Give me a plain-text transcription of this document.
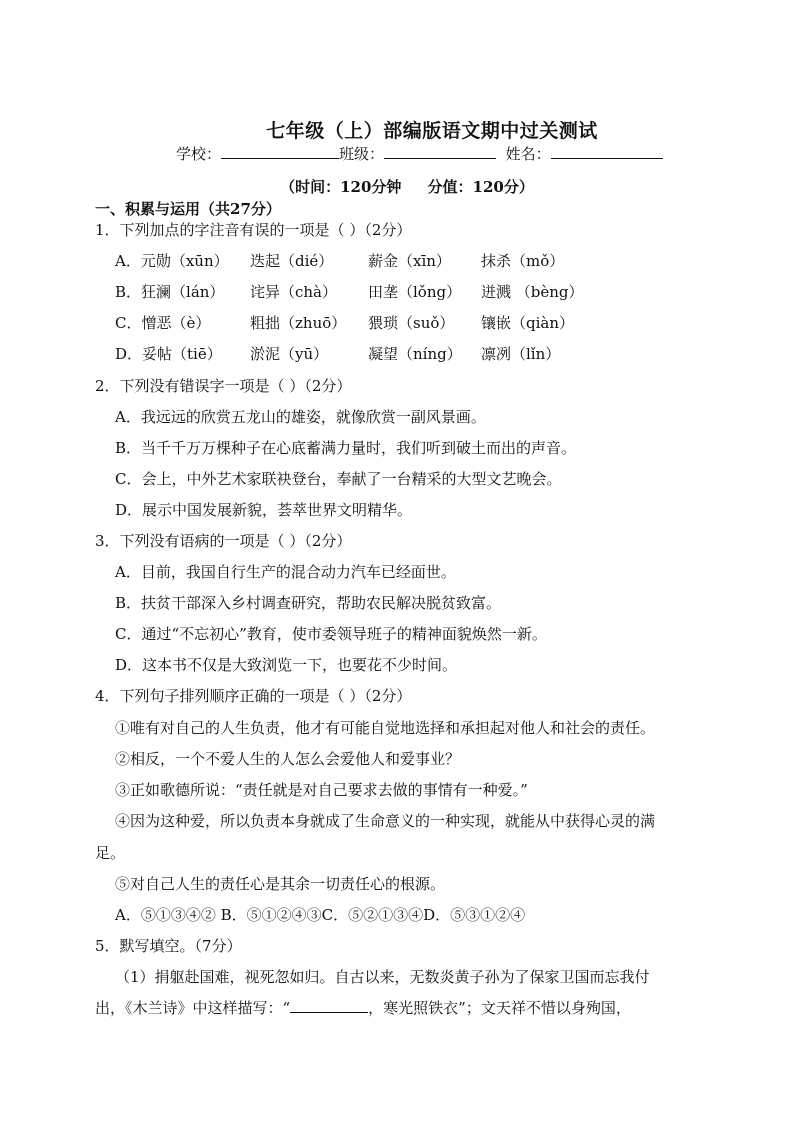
七年级（上）部编版语文期中过关测试
学校：	班级：	姓名：
（时间：120分钟     分值：120分）
一、积累与运用（共27分）
1．下列加点的字注音有误的一项是（ ）（2分）
A．元勋（xūn） 迭起（dié） 薪金（xīn） 抹杀（mǒ）
B．狂澜（lán） 诧异（chà） 田垄（lǒng） 迸溅 （bèng）
C．憎恶（è）	粗拙（zhuō） 猥琐（suǒ） 镶嵌（qiàn）
D．妥帖（tiē） 淤泥（yū）	凝望（níng） 凛冽（lǐn）
2．下列没有错误字一项是（ ）（2分）
A．我远远的欣赏五龙山的雄姿，就像欣赏一副风景画。
B．当千千万万棵种子在心底蓄满力量时，我们听到破土而出的声音。
C．会上，中外艺术家联袂登台，奉献了一台精采的大型文艺晚会。
D．展示中国发展新貌，荟萃世界文明精华。
3．下列没有语病的一项是（ ）（2分）
A．目前，我国自行生产的混合动力汽车已经面世。
B．扶贫干部深入乡村调查研究，帮助农民解决脱贫致富。
C．通过“不忘初心”教育，使市委领导班子的精神面貌焕然一新。
D．这本书不仅是大致浏览一下，也要花不少时间。
4．下列句子排列顺序正确的一项是（ ）（2分）
①唯有对自己的人生负责，他才有可能自觉地选择和承担起对他人和社会的责任。
②相反，一个不爱人生的人怎么会爱他人和爱事业？
③正如歌德所说：“责任就是对自己要求去做的事情有一种爱。”
④因为这种爱，所以负责本身就成了生命意义的一种实现，就能从中获得心灵的满
足。
⑤对自己人生的责任心是其余一切责任心的根源。
A．⑤①③④② B．⑤①②④③C．⑤②①③④D．⑤③①②④
5．默写填空。（7分）
（1）捐躯赴国难，视死忽如归。自古以来，无数炎黄子孙为了保家卫国而忘我付
出，《木兰诗》中这样描写：“	，寒光照铁衣”；文天祥不惜以身殉国，
